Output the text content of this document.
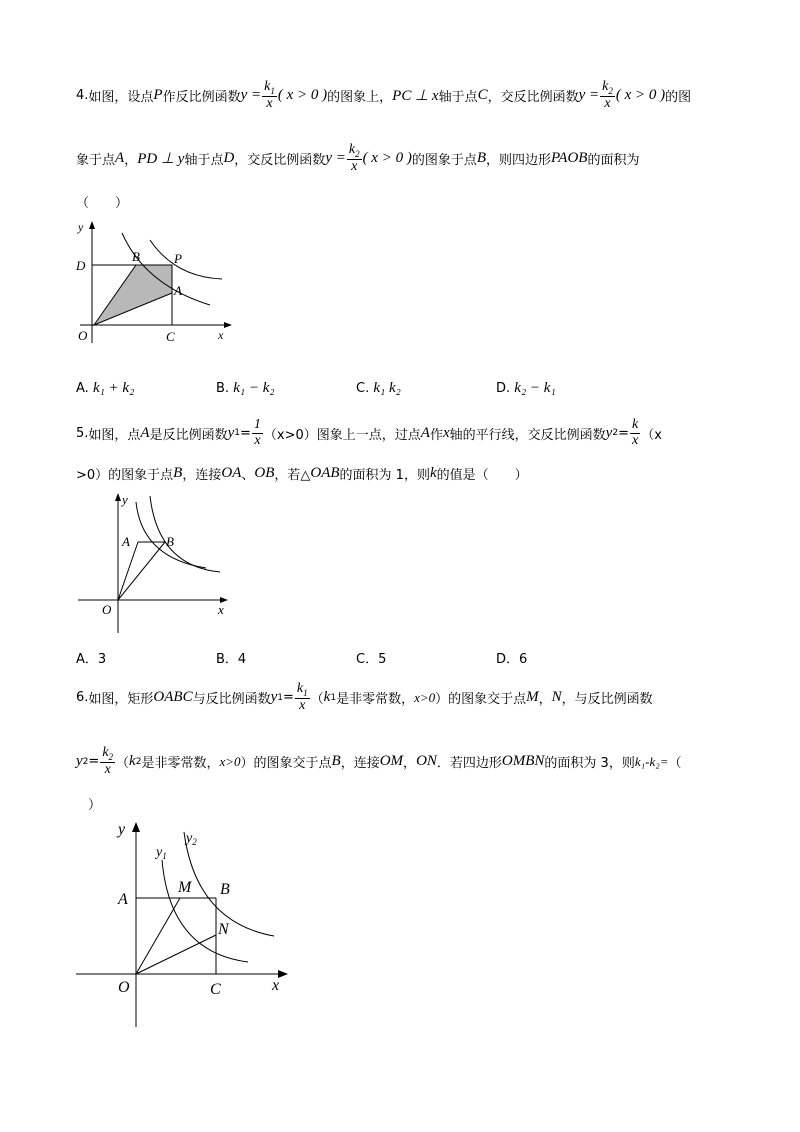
4. 如图，设点 P 作反比例函数 $y = \frac{k_1}{x}$ ( x > 0 ) 的图象上， PC ⊥ x 轴于点 C ，交反比例函数 $y = \frac{k_2}{x}$ ( x > 0 ) 的图
象于点 A ， PD ⊥ y 轴于点 D ，交反比例函数 $y = \frac{k_2}{x}$ ( x > 0 ) 的图象于点 B ，则四边形 PAOB 的面积为
（　　）
y
x
O
D
B	P
A
C
A. k₁ + k₂	B. k₁ − k₂	C. k₁ k₂	D. k₂ − k₁
5. 如图，点 A 是反比例函数 y $1 = \frac{1}{x} (x>0)$图象上一点，过点 A 作 x 轴的平行线，交反比例函数 y $2 = \frac{k}{x} (x$
>0）的图象于点 B ，连接 OA 、 OB ，若△ OAB 的面积为 1，则 k 的值是（　　）
y
x
O
A	B
A．3	B．4	C．5	D．6
6. 如图，矩形 OABC 与反比例函数 y $1 = \frac{k_1}{x}$ （ k 1 是非零常数， x>0 ）的图象交于点 M ， N ，与反比例函数
y $2 = \frac{k_2}{x}$ （ k 2 是非零常数， x>0 ）的图象交于点 B ，连接 OM ， ON ．若四边形 OMBN 的面积为 3，则 k₁-k₂= （
）
y
x
O
A
B
C
M
N
$y_1$
$y_2$
